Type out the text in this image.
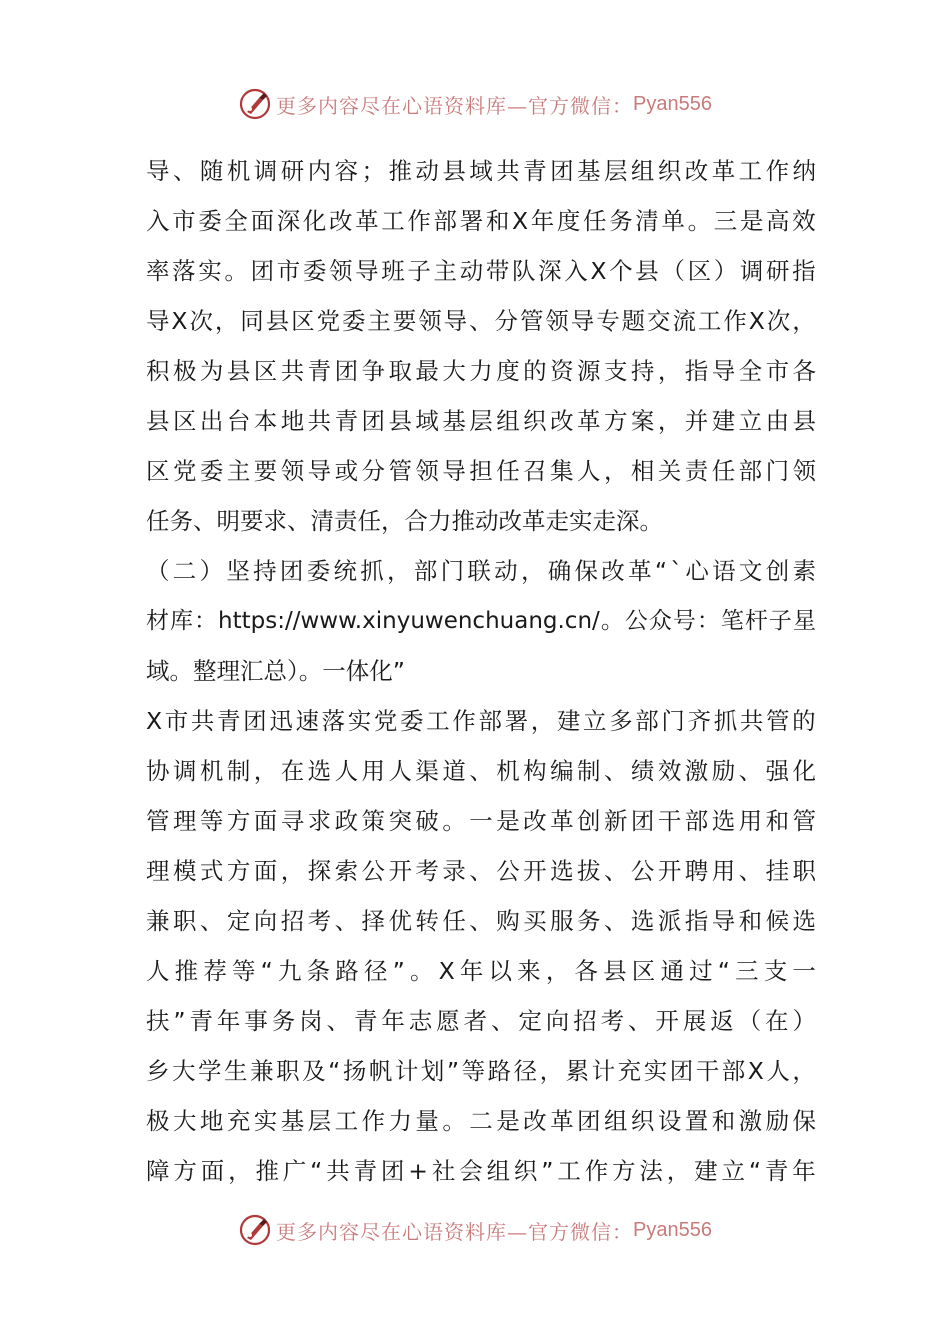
更多内容尽在心语资料库—官方微信： Pyan556
导 、 随 机 调 研 内 容 ； 推 动 县 域 共 青 团 基 层 组 织 改 革 工 作 纳
入 市 委 全 面 深 化 改 革 工 作 部 署 和 X 年 度 任 务 清 单 。 三 是 高 效
率 落 实 。 团 市 委 领 导 班 子 主 动 带 队 深 入 X 个 县 （ 区 ） 调 研 指
导 X 次 ， 同 县 区 党 委 主 要 领 导 、 分 管 领 导 专 题 交 流 工 作 X 次 ，
积 极 为 县 区 共 青 团 争 取 最 大 力 度 的 资 源 支 持 ， 指 导 全 市 各
县 区 出 台 本 地 共 青 团 县 域 基 层 组 织 改 革 方 案 ， 并 建 立 由 县
区 党 委 主 要 领 导 或 分 管 领 导 担 任 召 集 人 ， 相 关 责 任 部 门 领
任务、明要求、清责任，合力推动改革走实走深。
（ 二 ） 坚 持 团 委 统 抓 ， 部 门 联 动 ， 确 保 改 革 “ ` 心 语 文 创 素
材 库 ： https://www.xinyuwenchuang.cn/ 。 公 众 号 ： 笔 杆 子 星
域。整理汇总）。一体化”
X 市 共 青 团 迅 速 落 实 党 委 工 作 部 署 ， 建 立 多 部 门 齐 抓 共 管 的
协 调 机 制 ， 在 选 人 用 人 渠 道 、 机 构 编 制 、 绩 效 激 励 、 强 化
管 理 等 方 面 寻 求 政 策 突 破 。 一 是 改 革 创 新 团 干 部 选 用 和 管
理 模 式 方 面 ， 探 索 公 开 考 录 、 公 开 选 拔 、 公 开 聘 用 、 挂 职
兼 职 、 定 向 招 考 、 择 优 转 任 、 购 买 服 务 、 选 派 指 导 和 候 选
人 推 荐 等 “ 九 条 路 径 ” 。 X 年 以 来 ， 各 县 区 通 过 “ 三 支 一
扶 ” 青 年 事 务 岗 、 青 年 志 愿 者 、 定 向 招 考 、 开 展 返 （ 在 ）
乡 大 学 生 兼 职 及 “ 扬 帆 计 划 ” 等 路 径 ， 累 计 充 实 团 干 部 X 人 ，
极 大 地 充 实 基 层 工 作 力 量 。 二 是 改 革 团 组 织 设 置 和 激 励 保
障 方 面 ， 推 广 “ 共 青 团 + 社 会 组 织 ” 工 作 方 法 ， 建 立 “ 青 年
更多内容尽在心语资料库—官方微信： Pyan556
